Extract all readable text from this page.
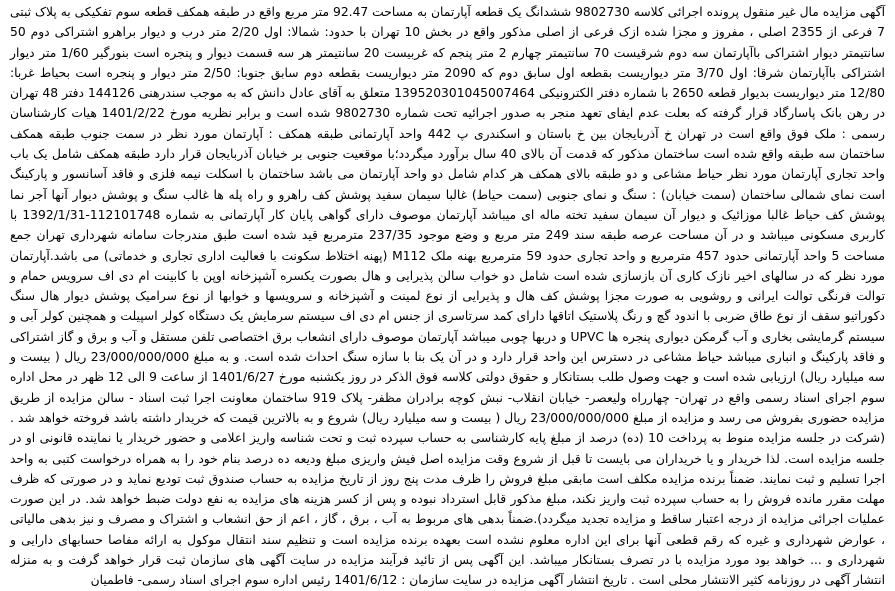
آگهی مزایده مال غیر منقول پرونده اجرائی کلاسه 9802730 ششدانگ یک قطعه آپارتمان به مساحت 92.47 متر مربع واقع در طبقه همکف قطعه سوم تفکیکی به پلاک ثبتی 7 فرعی از 2355 اصلی ، مفروز و مجزا شده ازک فرعی از اصلی مذکور واقع در بخش 10 تهران با حدود: شمالا: اول 2/20 متر درب و دیوار براهرو اشتراکی دوم 50 سانتیمتر دیوار اشتراکی باآپارتمان سه دوم شرقیست 70 سانتیمتر چهارم 2 متر پنجم که غربیست 20 سانتیمتر هر سه قسمت دیوار و پنجره است بنورگیر 1/60 متر دیوار اشتراکی باآپارتمان شرقا: اول 3/70 متر دیواریست بقطعه اول سابق دوم که 2090 متر دیواریست بقطعه دوم سابق جنوبا: 2/50 متر دیوار و پنجره است بحیاط غربا: 12/80 متر دیواریست بدیوار قطعه 2650 با شماره دفتر الکترونیکی 139520301045007464 متعلق به آقای عادل دانش که به موجب سندرهنی 144126 دفتر 48 تهران در رهن بانک پاسارگاد قرار گرفته که بعلت عدم ایفای تعهد منجر به صدور اجرائیه تحت شماره 9802730 شده است و برابر نظریه مورخ 1401/2/22 هیات کارشناسان رسمی : ملک فوق واقع است در تهران خ آذربایجان بین خ باستان و اسکندری پ 442 واحد آپارتمانی طبقه همکف : آپارتمان مورد نظر در سمت جنوب طبقه همکف ساختمان سه طبقه واقع شده است ساختمان مذکور که قدمت آن بالای 40 سال برآورد میگردد؛با موقعیت جنوبی بر خیابان آذربایجان قرار دارد طبقه همکف شامل یک باب واحد تجاری آپارتمان مورد نظر حیاط مشاعی و دو طبقه بالای همکف هر کدام شامل دو واحد آپارتمان می باشد ساختمان با اسکلت نیمه فلزی و فاقد آسانسور و پارکینگ است نمای شمالی ساختمان (سمت خیابان) : سنگ و نمای جنوبی (سمت حیاط) غالبا سیمان سفید پوشش کف راهرو و راه پله ها غالب سنگ و پوشش دیوار آنها آجر نما پوشش کف حیاط غالبا موزائیک و دیوار آن سیمان سفید تخته ماله ای میباشد آپارتمان موصوف دارای گواهی پایان کار آپارتمانی به شماره 112101748-1392/1/31 با کاربری مسکونی میباشد و در آن مساحت عرصه طبقه سند 249 متر مربع و وضع موجود 237/35 مترمربع قید شده است طبق مندرجات سامانه شهرداری تهران جمع مساحت 5 واحد آپارتمانی حدود 457 مترمربع و واحد تجاری حدود 59 مترمربع بهنه ملک M112 (پهنه اختلاط سکونت با فعالیت اداری تجاری و خدماتی) می باشد.آپارتمان مورد نظر که در سالهای اخیر نازک کاری آن بازسازی شده است شامل دو خواب سالن پذیرایی و هال بصورت یکسره آشپزخانه اوپن با کابینت ام دی اف سرویس حمام و توالت فرنگی توالت ایرانی و روشویی به صورت مجزا پوشش کف هال و پذیرایی از نوع لمینت و آشپزخانه و سرویسها و خوابها از نوع سرامیک پوشش دیوار هال سنگ دکوراتیو سقف از نوع طاق ضربی با اندود گچ و رنگ پلاستیک اتاقها دارای کمد سرتاسری از جنس ام دی اف سیستم سرمایش یک دستگاه کولر اسپیلت و همچنین کولر آبی و سیستم گرمایشی بخاری و آب گرمکن دیواری پنجره ها UPVC و دربها چوبی میباشد آپارتمان موصوف دارای انشعاب برق اختصاصی تلفن مستقل و آب و برق و گاز اشتراکی و فاقد پارکینگ و انباری میباشد حیاط مشاعی در دسترس این واحد قرار دارد و در آن یک بنا با سازه سنگ احداث شده است. و به مبلغ 23/000/000/000 ریال ( بیست و سه میلیارد ریال) ارزیابی شده است و جهت وصول طلب بستانکار و حقوق دولتی کلاسه فوق الذکر در روز یکشنبه مورخ 1401/6/27 از ساعت 9 الی 12 ظهر در محل اداره سوم اجرای اسناد رسمی واقع در تهران- چهارراه ولیعصر- خیابان انقلاب- نبش کوچه برادران مظفر- پلاک 919 ساختمان معاونت اجرا ثبت اسناد - سالن مزایده از طریق مزایده حضوری بفروش می رسد و مزایده از مبلغ 23/000/000/000 ریال ( بیست و سه میلیارد ریال) شروع و به بالاترین قیمت که خریدار داشته باشد فروخته خواهد شد . (شرکت در جلسه مزایده منوط به پرداخت 10 (ده) درصد از مبلغ پایه کارشناسی به حساب سپرده ثبت و تحت شناسه واریز اعلامی و حضور خریدار یا نماینده قانونی او در جلسه مزایده است. لذا خریدار و یا خریداران می بایست تا قبل از شروع وقت مزایده اصل فیش واریزی مبلغ ودیعه ده درصد بنام خود را به همراه درخواست کتبی به واحد اجرا تسلیم و ثبت نمایند. ضمناً برنده مزایده مکلف است مابقی مبلغ فروش را ظرف مدت پنج روز از تاریخ مزایده به حساب صندوق ثبت تودیع نماید و در صورتی که ظرف مهلت مقرر مانده فروش را به حساب سپرده ثبت واریز نکند، مبلغ مذکور قابل استرداد نبوده و پس از کسر هزینه های مزایده به نفع دولت ضبط خواهد شد. در این صورت عملیات اجرائی مزایده از درجه اعتبار ساقط و مزایده تجدید میگردد).ضمناً بدهی های مربوط به آب ، برق ، گاز ، اعم از حق انشعاب و اشتراک و مصرف و نیز بدهی مالیاتی ، عوارض شهرداری و غیره که رقم قطعی آنها برای این اداره معلوم نشده است بعهده برنده مزایده است و تنظیم سند انتقال موکول به ارائه مفاصا حسابهای دارایی و شهرداری و ... خواهد بود مورد مزایده با در تصرف بستانکار میباشد. این آگهی پس از تائید فرآیند مزایده در سایت آگهی های سازمان ثبت قرار خواهد گرفت و به منزله انتشار آگهی در روزنامه کثیر الانتشار محلی است . تاریخ انتشار آگهی مزایده در سایت سازمان : 1401/6/12 رئیس اداره سوم اجرای اسناد رسمی- فاطمیان
